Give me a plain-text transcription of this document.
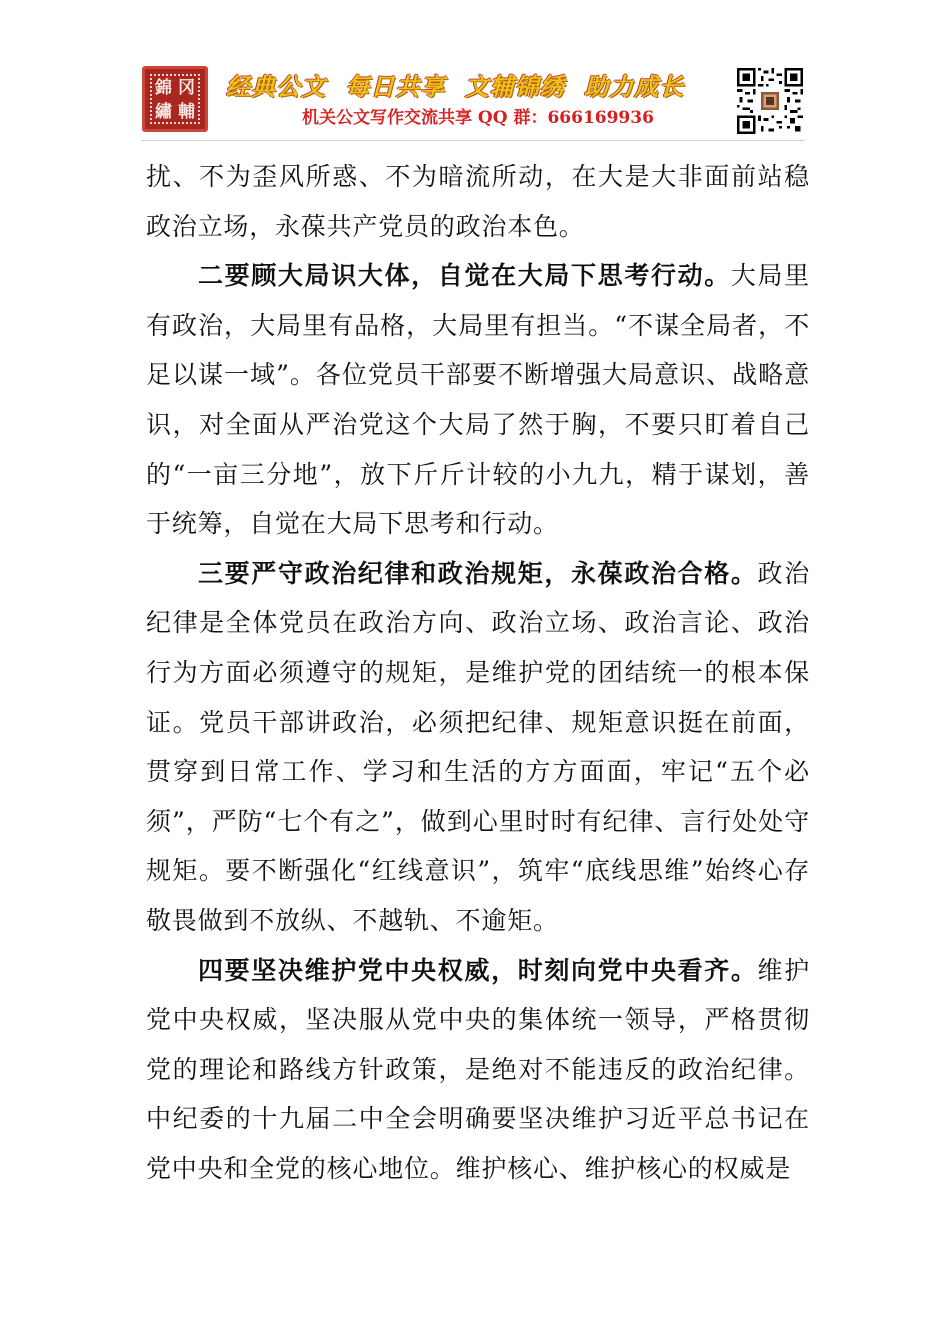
錦 冈
繡 輔
经典公文 每日共享 文辅锦绣 助力成长
机关公文写作交流共享 QQ 群：666169936

扰、不为歪风所惑、不为暗流所动，在大是大非面前站稳政治立场，永葆共产党员的政治本色。

二要顾大局识大体，自觉在大局下思考行动。大局里有政治，大局里有品格，大局里有担当。“不谋全局者，不足以谋一域”。各位党员干部要不断增强大局意识、战略意识，对全面从严治党这个大局了然于胸，不要只盯着自己的“一亩三分地”，放下斤斤计较的小九九，精于谋划，善于统筹，自觉在大局下思考和行动。

三要严守政治纪律和政治规矩，永葆政治合格。政治纪律是全体党员在政治方向、政治立场、政治言论、政治行为方面必须遵守的规矩，是维护党的团结统一的根本保证。党员干部讲政治，必须把纪律、规矩意识挺在前面，贯穿到日常工作、学习和生活的方方面面，牢记“五个必须”，严防“七个有之”，做到心里时时有纪律、言行处处守规矩。要不断强化“红线意识”，筑牢“底线思维”始终心存敬畏做到不放纵、不越轨、不逾矩。

四要坚决维护党中央权威，时刻向党中央看齐。维护党中央权威，坚决服从党中央的集体统一领导，严格贯彻党的理论和路线方针政策，是绝对不能违反的政治纪律。中纪委的十九届二中全会明确要坚决维护习近平总书记在党中央和全党的核心地位。维护核心、维护核心的权威是
